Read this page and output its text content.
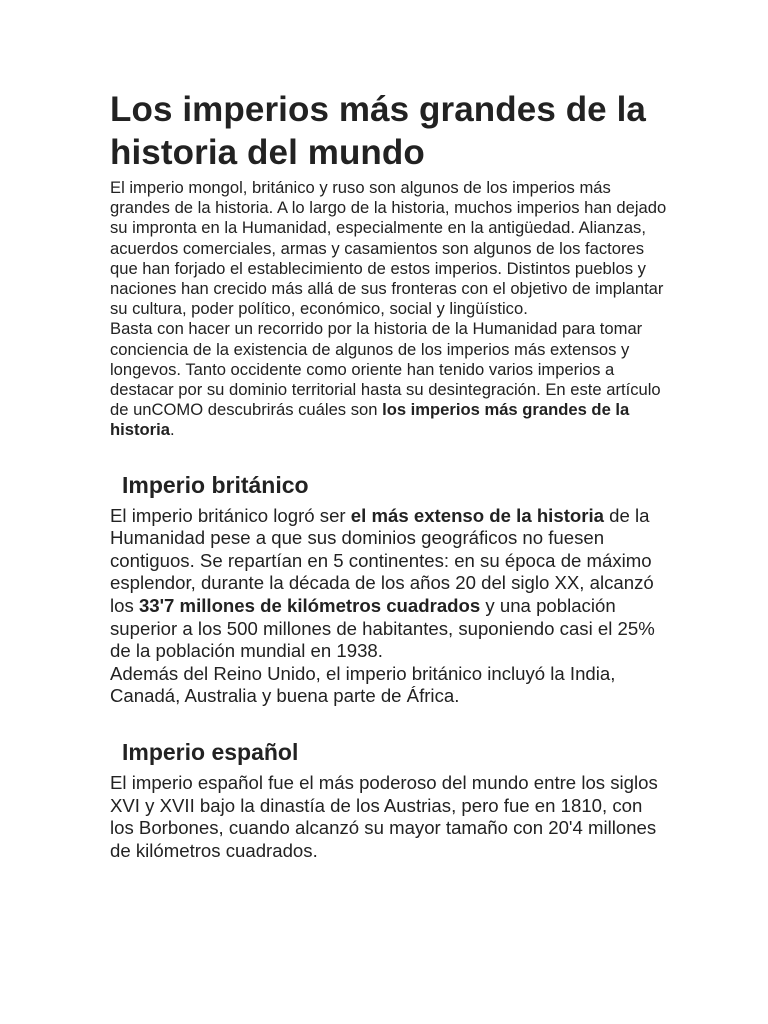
Los imperios más grandes de la historia del mundo

El imperio mongol, británico y ruso son algunos de los imperios más grandes de la historia. A lo largo de la historia, muchos imperios han dejado su impronta en la Humanidad, especialmente en la antigüedad. Alianzas, acuerdos comerciales, armas y casamientos son algunos de los factores que han forjado el establecimiento de estos imperios. Distintos pueblos y naciones han crecido más allá de sus fronteras con el objetivo de implantar su cultura, poder político, económico, social y lingüístico.

Basta con hacer un recorrido por la historia de la Humanidad para tomar conciencia de la existencia de algunos de los imperios más extensos y longevos. Tanto occidente como oriente han tenido varios imperios a destacar por su dominio territorial hasta su desintegración. En este artículo de unCOMO descubrirás cuáles son los imperios más grandes de la historia.

Imperio británico

El imperio británico logró ser el más extenso de la historia de la Humanidad pese a que sus dominios geográficos no fuesen contiguos. Se repartían en 5 continentes: en su época de máximo esplendor, durante la década de los años 20 del siglo XX, alcanzó los 33'7 millones de kilómetros cuadrados y una población superior a los 500 millones de habitantes, suponiendo casi el 25% de la población mundial en 1938.

Además del Reino Unido, el imperio británico incluyó la India, Canadá, Australia y buena parte de África.

Imperio español

El imperio español fue el más poderoso del mundo entre los siglos XVI y XVII bajo la dinastía de los Austrias, pero fue en 1810, con los Borbones, cuando alcanzó su mayor tamaño con 20'4 millones de kilómetros cuadrados.
